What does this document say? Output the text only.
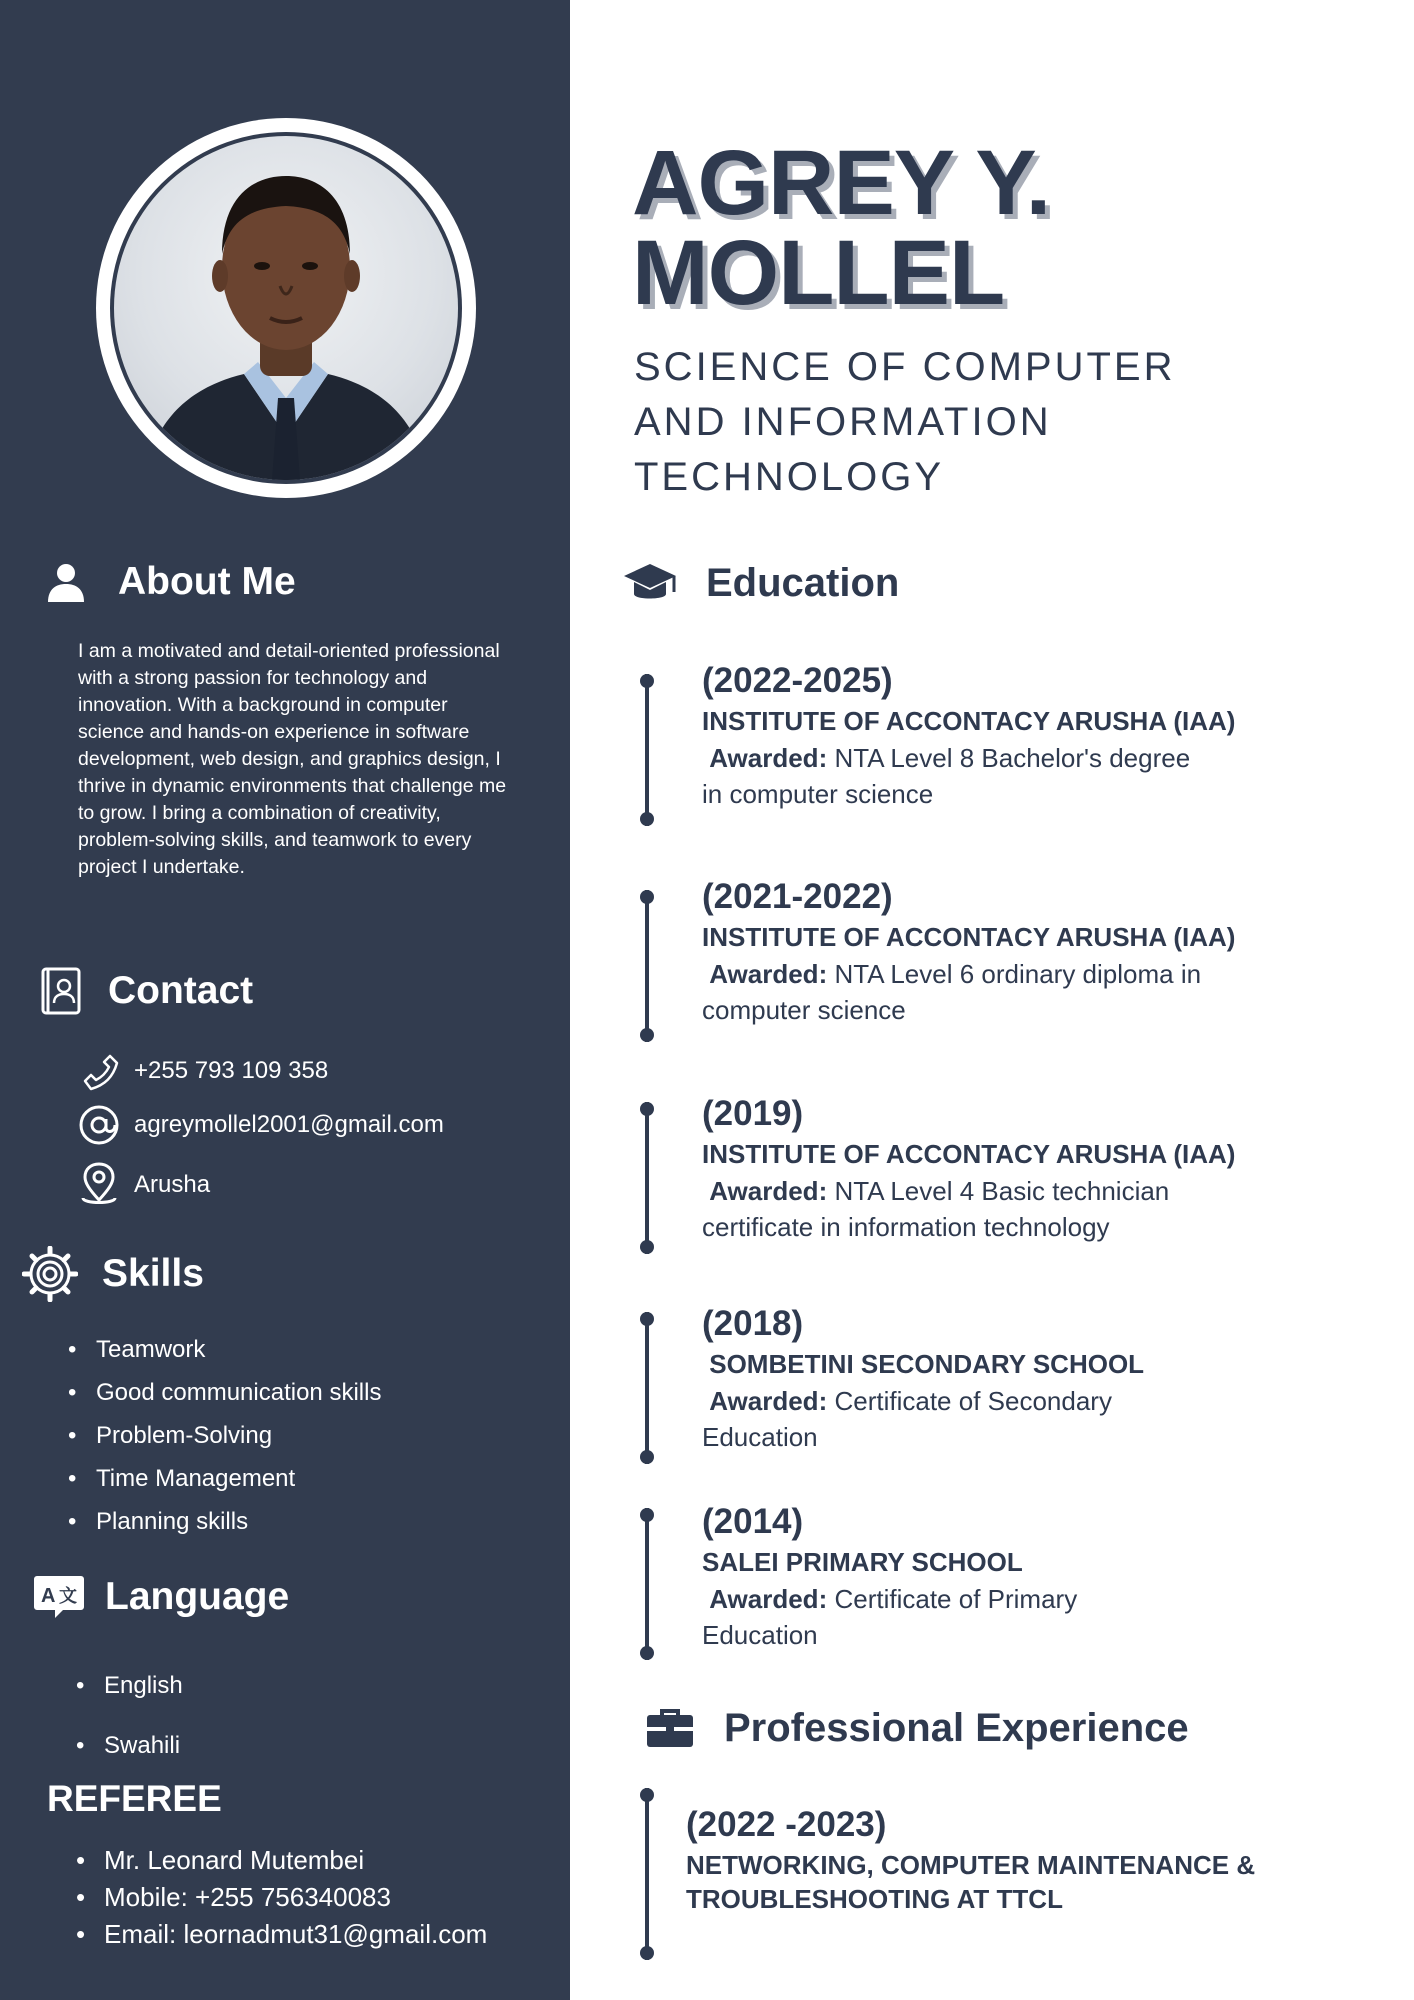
About Me

I am a motivated and detail-oriented professional with a strong passion for technology and innovation. With a background in computer science and hands-on experience in software development, web design, and graphics design, I thrive in dynamic environments that challenge me to grow. I bring a combination of creativity, problem-solving skills, and teamwork to every project I undertake.

Contact
+255 793 109 358
agreymollel2001@gmail.com
Arusha
Skills
• Teamwork
• Good communication skills
• Problem-Solving
• Time Management
• Planning skills
A 文 Language
• English
• Swahili
REFEREE
• Mr. Leonard Mutembei
• Mobile: +255 756340083
• Email: leornadmut31@gmail.com
AGREY Y.
MOLLEL
SCIENCE OF COMPUTER
AND INFORMATION
TECHNOLOGY
Education
(2022-2025)
INSTITUTE OF ACCONTACY ARUSHA (IAA)
Awarded: NTA Level 8 Bachelor's degree
in computer science
(2021-2022)
INSTITUTE OF ACCONTACY ARUSHA (IAA)
Awarded: NTA Level 6 ordinary diploma in
computer science
(2019)
INSTITUTE OF ACCONTACY ARUSHA (IAA)
Awarded: NTA Level 4 Basic technician
certificate in information technology
(2018)
SOMBETINI SECONDARY SCHOOL
Awarded: Certificate of Secondary
Education
(2014)
SALEI PRIMARY SCHOOL
Awarded: Certificate of Primary
Education
Professional Experience
(2022 -2023)
NETWORKING, COMPUTER MAINTENANCE &
TROUBLESHOOTING AT TTCL
